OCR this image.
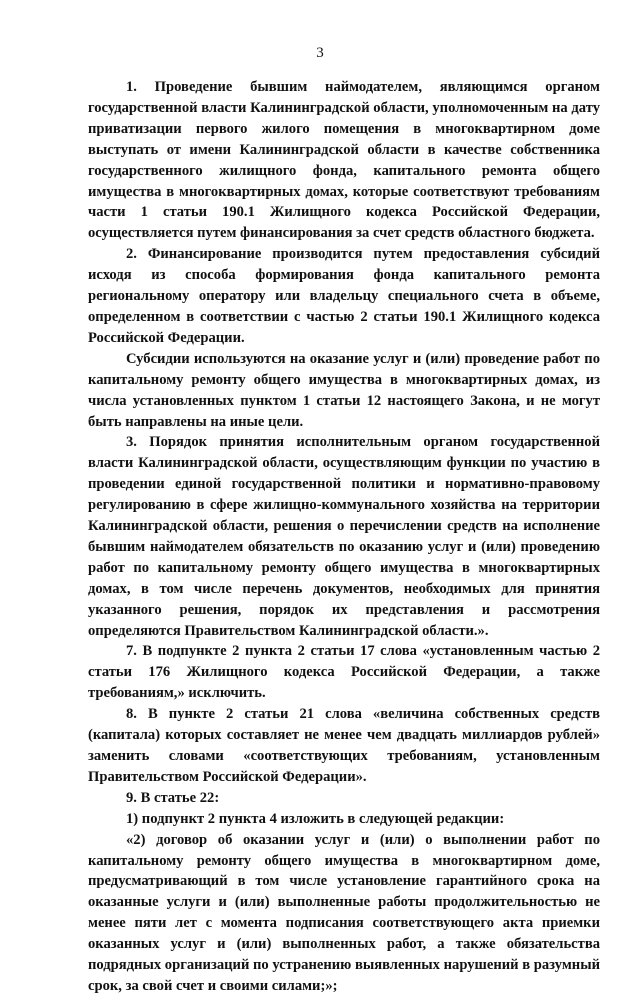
3

1. Проведение бывшим наймодателем, являющимся органом государственной власти Калининградской области, уполномоченным на дату приватизации первого жилого помещения в многоквартирном доме выступать от имени Калининградской области в качестве собственника государственного жилищного фонда, капитального ремонта общего имущества в многоквартирных домах, которые соответствуют требованиям части 1 статьи 190.1 Жилищного кодекса Российской Федерации, осуществляется путем финансирования за счет средств областного бюджета.

2. Финансирование производится путем предоставления субсидий исходя из способа формирования фонда капитального ремонта региональному оператору или владельцу специального счета в объеме, определенном в соответствии с частью 2 статьи 190.1 Жилищного кодекса Российской Федерации.

Субсидии используются на оказание услуг и (или) проведение работ по капитальному ремонту общего имущества в многоквартирных домах, из числа установленных пунктом 1 статьи 12 настоящего Закона, и не могут быть направлены на иные цели.

3. Порядок принятия исполнительным органом государственной власти Калининградской области, осуществляющим функции по участию в проведении единой государственной политики и нормативно-правовому регулированию в сфере жилищно-коммунального хозяйства на территории Калининградской области, решения о перечислении средств на исполнение бывшим наймодателем обязательств по оказанию услуг и (или) проведению работ по капитальному ремонту общего имущества в многоквартирных домах, в том числе перечень документов, необходимых для принятия указанного решения, порядок их представления и рассмотрения определяются Правительством Калининградской области.».

7. В подпункте 2 пункта 2 статьи 17 слова «установленным частью 2 статьи 176 Жилищного кодекса Российской Федерации, а также требованиям,» исключить.

8. В пункте 2 статьи 21 слова «величина собственных средств (капитала) которых составляет не менее чем двадцать миллиардов рублей» заменить словами «соответствующих требованиям, установленным Правительством Российской Федерации».

9. В статье 22:

1) подпункт 2 пункта 4 изложить в следующей редакции:

«2) договор об оказании услуг и (или) о выполнении работ по капитальному ремонту общего имущества в многоквартирном доме, предусматривающий в том числе установление гарантийного срока на оказанные услуги и (или) выполненные работы продолжительностью не менее пяти лет с момента подписания соответствующего акта приемки оказанных услуг и (или) выполненных работ, а также обязательства подрядных организаций по устранению выявленных нарушений в разумный срок, за свой счет и своими силами;»;
